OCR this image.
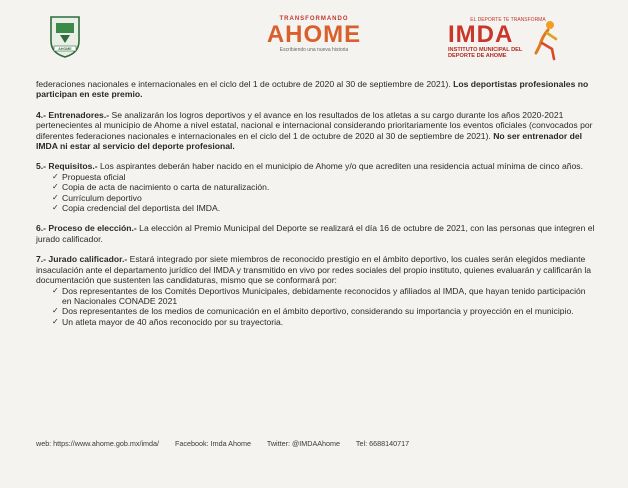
AHOME
TRANSFORMANDO
AHOME
Escribiendo una nueva historia
EL DEPORTE TE TRANSFORMA
IMDA
INSTITUTO MUNICIPAL DEL
DEPORTE DE AHOME

federaciones nacionales e internacionales en el ciclo del 1 de octubre de 2020 al 30 de septiembre de 2021). Los deportistas profesionales no participan en este premio.

4.- Entrenadores.- Se analizarán los logros deportivos y el avance en los resultados de los atletas a su cargo durante los años 2020-2021 pertenecientes al municipio de Ahome a nivel estatal, nacional e internacional considerando prioritariamente los eventos oficiales (convocados por diferentes federaciones nacionales e internacionales en el ciclo del 1 de octubre de 2020 al 30 de septiembre de 2021). No ser entrenador del IMDA ni estar al servicio del deporte profesional.

5.- Requisitos.- Los aspirantes deberán haber nacido en el municipio de Ahome y/o que acrediten una residencia actual mínima de cinco años.

✓ Propuesta oficial
✓ Copia de acta de nacimiento o carta de naturalización.
✓ Currículum deportivo
✓ Copia credencial del deportista del IMDA.

6.- Proceso de elección.- La elección al Premio Municipal del Deporte se realizará el día 16 de octubre de 2021, con las personas que integren el jurado calificador.

7.- Jurado calificador.- Estará integrado por siete miembros de reconocido prestigio en el ámbito deportivo, los cuales serán elegidos mediante insaculación ante el departamento jurídico del IMDA y transmitido en vivo por redes sociales del propio instituto, quienes evaluarán y calificarán la documentación que sustenten las candidaturas, mismo que se conformará por:

✓ Dos representantes de los Comités Deportivos Municipales, debidamente reconocidos y afiliados al IMDA, que hayan tenido participación en Nacionales CONADE 2021
✓ Dos representantes de los medios de comunicación en el ámbito deportivo, considerando su importancia y proyección en el municipio.
✓ Un atleta mayor de 40 años reconocido por su trayectoria.
web: https://www.ahome.gob.mx/imda/ Facebook: Imda Ahome Twitter: @IMDAAhome Tel: 6688140717
